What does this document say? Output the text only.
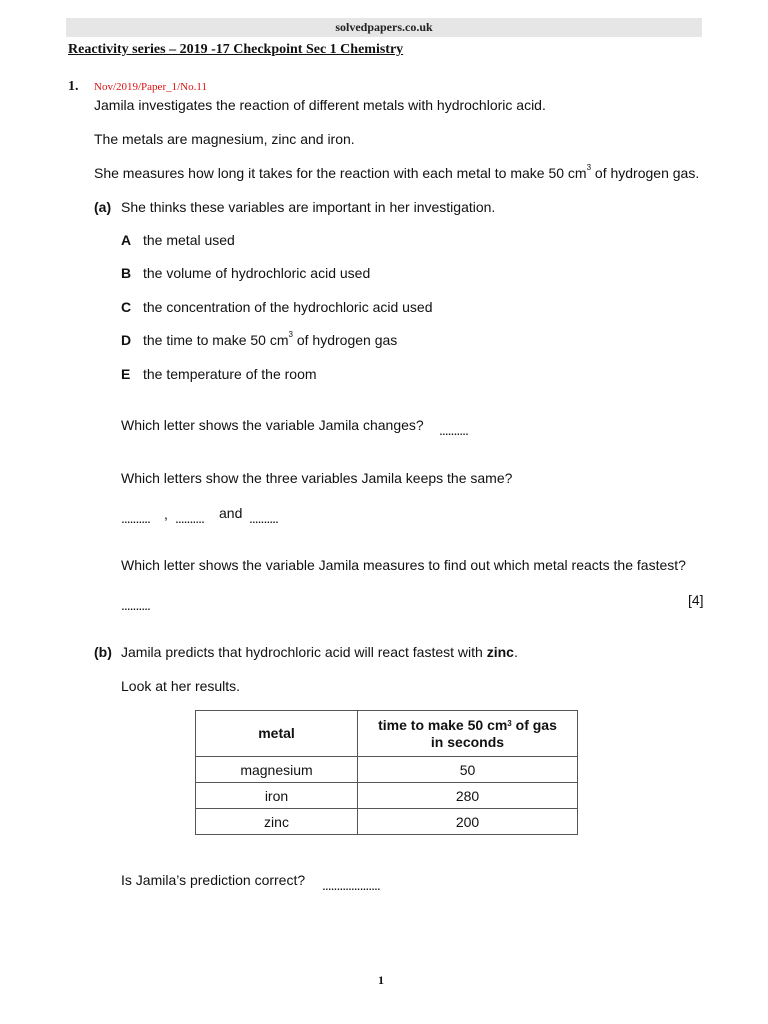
solvedpapers.co.uk
Reactivity series – 2019 -17 Checkpoint Sec 1 Chemistry
1. Nov/2019/Paper_1/No.11
Jamila investigates the reaction of different metals with hydrochloric acid.
The metals are magnesium, zinc and iron.
She measures how long it takes for the reaction with each metal to make 50 $cm^3$ of hydrogen gas.
(a) She thinks these variables are important in her investigation.
A the metal used
B the volume of hydrochloric acid used
C the concentration of the hydrochloric acid used
D the time to make 50 $cm^3$ of hydrogen gas
E the temperature of the room
Which letter shows the variable Jamila changes? ..........
Which letters show the three variables Jamila keeps the same?
.......... , .......... and ..........
Which letter shows the variable Jamila measures to find out which metal reacts the fastest?
..........	[4]
(b) Jamila predicts that hydrochloric acid will react fastest with zinc.
Look at her results.
metal	time to make 50 $cm^3$ of gas
in seconds
magnesium	50
iron	280
zinc	200
Is Jamila’s prediction correct? ....................
1
